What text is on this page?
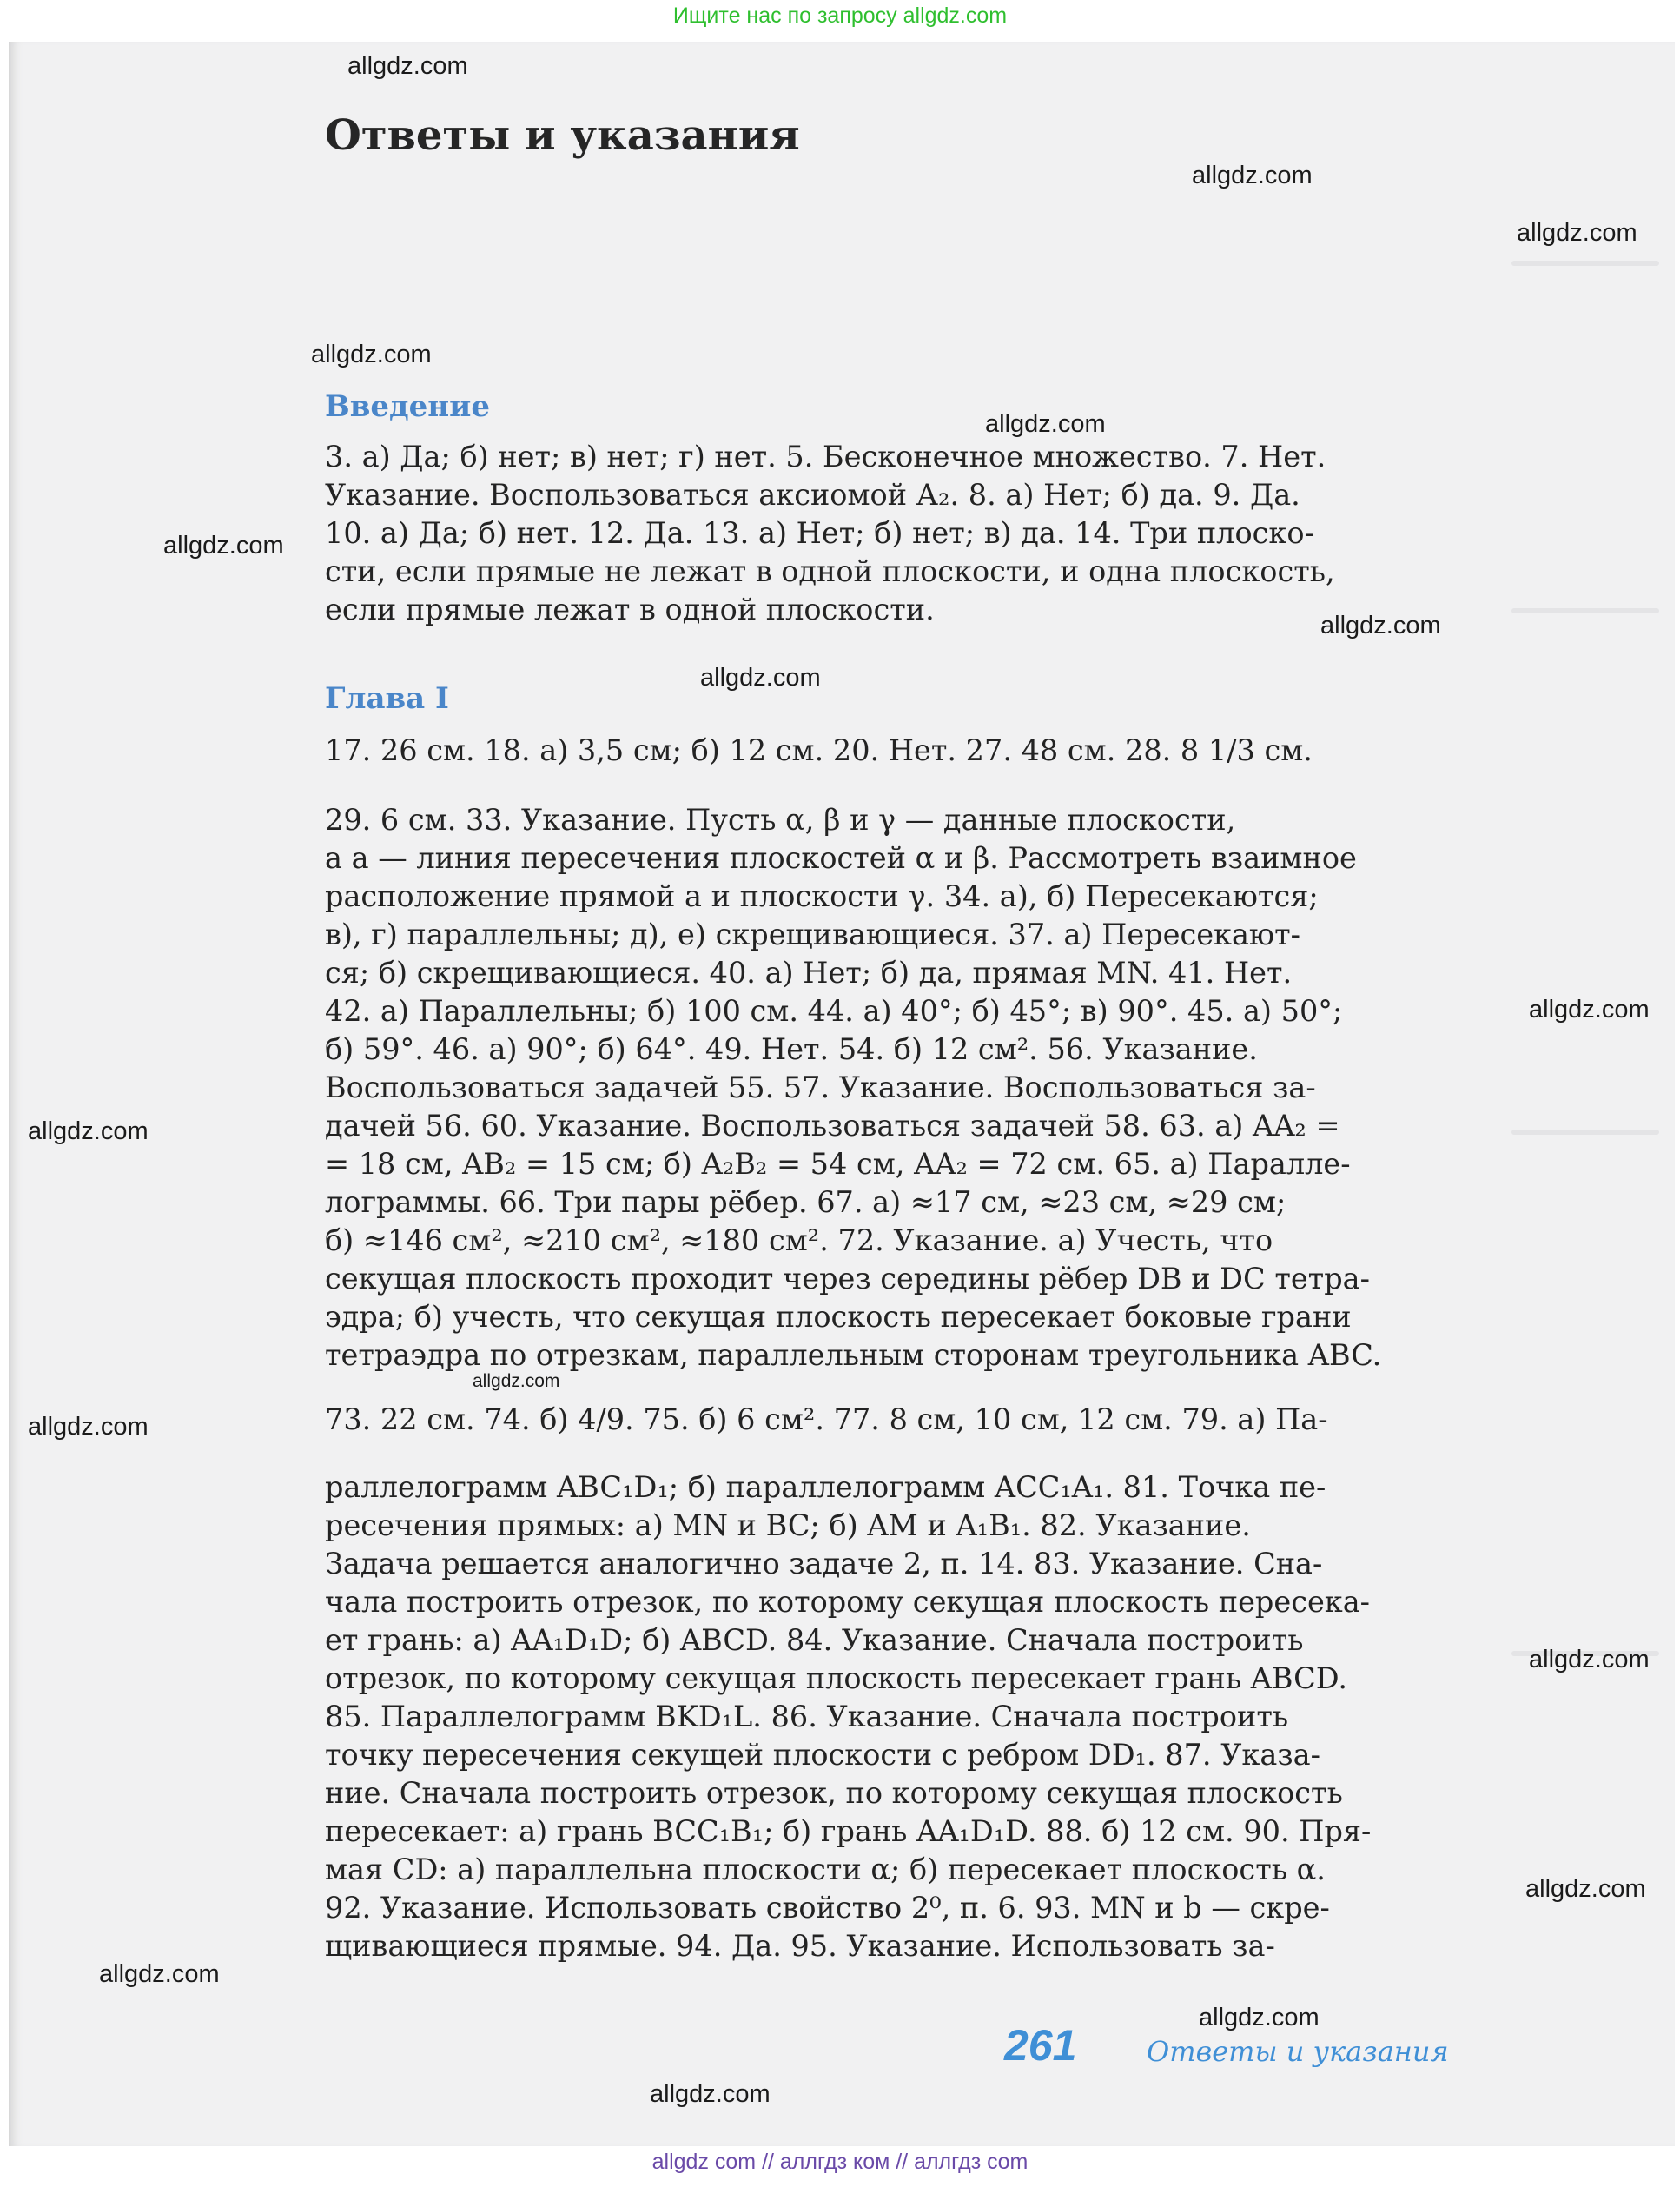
Ищите нас по запросу allgdz.com
Ответы и указания
Введение

3. а) Да; б) нет; в) нет; г) нет. 5. Бесконечное множество. 7. Нет.

Указание. Воспользоваться аксиомой А₂. 8. а) Нет; б) да. 9. Да.

10. а) Да; б) нет. 12. Да. 13. а) Нет; б) нет; в) да. 14. Три плоско-

сти, если прямые не лежат в одной плоскости, и одна плоскость,

если прямые лежат в одной плоскости.

Глава I

17. 26 см. 18. а) 3,5 см; б) 12 см. 20. Нет. 27. 48 см. 28. 8 1/3 см.

29. 6 см. 33. Указание. Пусть α, β и γ — данные плоскости,

а a — линия пересечения плоскостей α и β. Рассмотреть взаимное

расположение прямой a и плоскости γ. 34. а), б) Пересекаются;

в), г) параллельны; д), е) скрещивающиеся. 37. а) Пересекают-

ся; б) скрещивающиеся. 40. а) Нет; б) да, прямая MN. 41. Нет.

42. а) Параллельны; б) 100 см. 44. а) 40°; б) 45°; в) 90°. 45. а) 50°;

б) 59°. 46. а) 90°; б) 64°. 49. Нет. 54. б) 12 см². 56. Указание.

Воспользоваться задачей 55. 57. Указание. Воспользоваться за-

дачей 56. 60. Указание. Воспользоваться задачей 58. 63. а) AA₂ =

= 18 см, AB₂ = 15 см; б) A₂B₂ = 54 см, AA₂ = 72 см. 65. а) Паралле-

лограммы. 66. Три пары рёбер. 67. а) ≈17 см, ≈23 см, ≈29 см;

б) ≈146 см², ≈210 см², ≈180 см². 72. Указание. а) Учесть, что

секущая плоскость проходит через середины рёбер DB и DC тетра-

эдра; б) учесть, что секущая плоскость пересекает боковые грани

тетраэдра по отрезкам, параллельным сторонам треугольника ABC.

73. 22 см. 74. б) 4/9. 75. б) 6 см². 77. 8 см, 10 см, 12 см. 79. а) Па-

раллелограмм ABC₁D₁; б) параллелограмм ACC₁A₁. 81. Точка пе-

ресечения прямых: а) MN и BC; б) AM и A₁B₁. 82. Указание.

Задача решается аналогично задаче 2, п. 14. 83. Указание. Сна-

чала построить отрезок, по которому секущая плоскость пересека-

ет грань: а) AA₁D₁D; б) ABCD. 84. Указание. Сначала построить

отрезок, по которому секущая плоскость пересекает грань ABCD.

85. Параллелограмм BKD₁L. 86. Указание. Сначала построить

точку пересечения секущей плоскости с ребром DD₁. 87. Указа-

ние. Сначала построить отрезок, по которому секущая плоскость

пересекает: а) грань BCC₁B₁; б) грань AA₁D₁D. 88. б) 12 см. 90. Пря-

мая CD: а) параллельна плоскости α; б) пересекает плоскость α.

92. Указание. Использовать свойство 2⁰, п. 6. 93. MN и b — скре-

щивающиеся прямые. 94. Да. 95. Указание. Использовать за-

261	Ответы и указания
allgdz.com
allgdz.com
allgdz.com
allgdz.com
allgdz.com
allgdz.com
allgdz.com
allgdz.com
allgdz.com
allgdz.com
allgdz.com
allgdz.com
allgdz.com
allgdz.com
allgdz.com
allgdz.com
allgdz.com
allgdz com // аллгдз ком // аллгдз com
